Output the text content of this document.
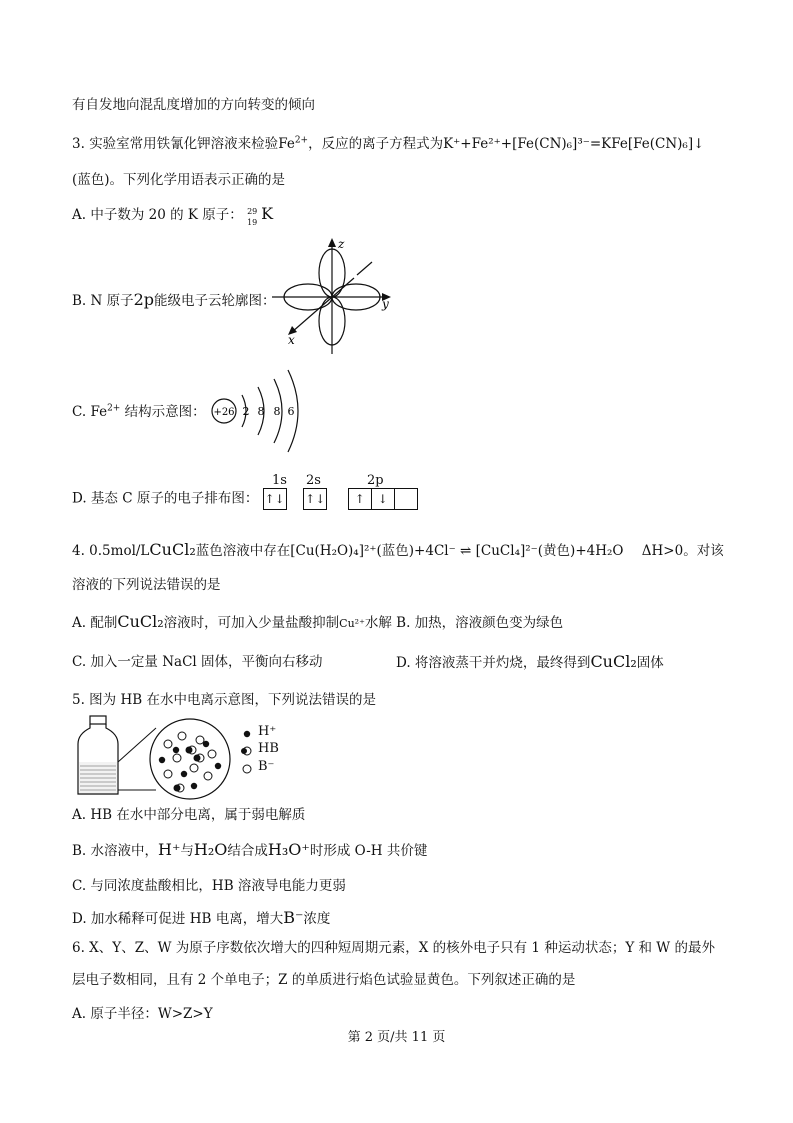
有自发地向混乱度增加的方向转变的倾向
3. 实验室常用铁氰化钾溶液来检验$Fe^{2+}$，反应的离子方程式为K⁺+Fe²⁺+[Fe(CN)₆]³⁻=KFe[Fe(CN)₆]↓
(蓝色)。下列化学用语表示正确的是
A. 中子数为 20 的 K 原子： 29
19 K
B. N 原子2p能级电子云轮廓图：
z
y
x
C. $Fe^{2+}$ 结构示意图： +26 2 8 8 6
1s 2s	2p
D. 基态 C 原子的电子排布图： ↑↓ ↑↓ ↑ ↓
4. 0.5mol/LCuCl₂蓝色溶液中存在[Cu(H₂O)₄]²⁺(蓝色)+4Cl⁻ ⇌ [CuCl₄]²⁻(黄色)+4H₂O ΔH>0。对该
溶液的下列说法错误的是
A. 配制CuCl₂溶液时，可加入少量盐酸抑制Cu²⁺水解 B. 加热，溶液颜色变为绿色
C. 加入一定量 NaCl 固体，平衡向右移动	D. 将溶液蒸干并灼烧，最终得到CuCl₂固体
5. 图为 HB 在水中电离示意图，下列说法错误的是
H⁺
HB
B⁻
A. HB 在水中部分电离，属于弱电解质
B. 水溶液中，H⁺与H₂O结合成H₃O⁺时形成 O-H 共价键
C. 与同浓度盐酸相比，HB 溶液导电能力更弱
D. 加水稀释可促进 HB 电离，增大B⁻浓度
6. X、Y、Z、W 为原子序数依次增大的四种短周期元素，X 的核外电子只有 1 种运动状态；Y 和 W 的最外
层电子数相同，且有 2 个单电子；Z 的单质进行焰色试验显黄色。下列叙述正确的是
A. 原子半径：W>Z>Y
第 2 页/共 11 页
